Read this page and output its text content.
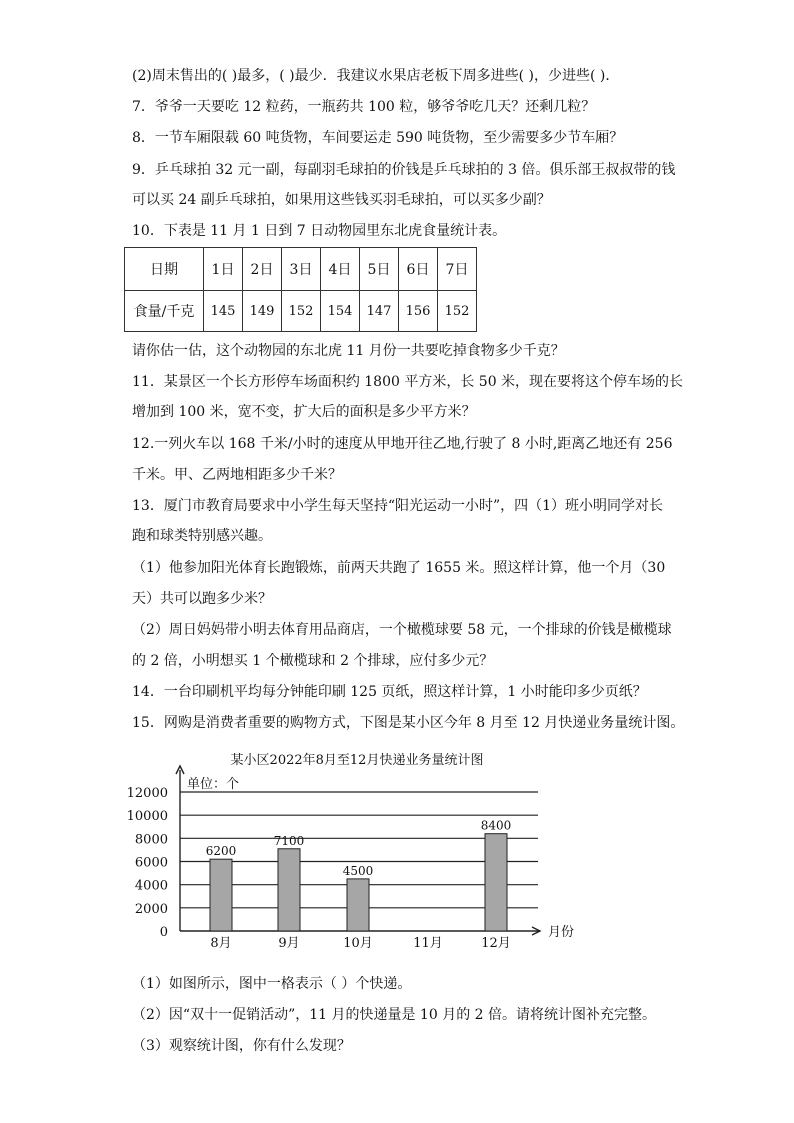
(2)周末售出的( )最多，( )最少．我建议水果店老板下周多进些( )，少进些( )．
7．爷爷一天要吃 12 粒药，一瓶药共 100 粒，够爷爷吃几天？还剩几粒？
8．一节车厢限载 60 吨货物，车间要运走 590 吨货物，至少需要多少节车厢？
9．乒乓球拍 32 元一副，每副羽毛球拍的价钱是乒乓球拍的 3 倍。俱乐部王叔叔带的钱
可以买 24 副乒乓球拍，如果用这些钱买羽毛球拍，可以买多少副？
10．下表是 11 月 1 日到 7 日动物园里东北虎食量统计表。
日期	1日	2日	3日	4日	5日	6日	7日
食量/千克	145	149	152	154	147	156	152
请你估一估，这个动物园的东北虎 11 月份一共要吃掉食物多少千克？
11．某景区一个长方形停车场面积约 1800 平方米，长 50 米，现在要将这个停车场的长
增加到 100 米，宽不变，扩大后的面积是多少平方米？
12.一列火车以 168 千米/小时的速度从甲地开往乙地,行驶了 8 小时,距离乙地还有 256
千米。甲、乙两地相距多少千米？
13．厦门市教育局要求中小学生每天坚持“阳光运动一小时”，四（1）班小明同学对长
跑和球类特别感兴趣。
（1）他参加阳光体育长跑锻炼，前两天共跑了 1655 米。照这样计算，他一个月（30
天）共可以跑多少米？
（2）周日妈妈带小明去体育用品商店，一个橄榄球要 58 元，一个排球的价钱是橄榄球
的 2 倍，小明想买 1 个橄榄球和 2 个排球，应付多少元？
14．一台印刷机平均每分钟能印刷 125 页纸，照这样计算，1 小时能印多少页纸？
15．网购是消费者重要的购物方式，下图是某小区今年 8 月至 12 月快递业务量统计图。
某小区2022年8月至12月快递业务量统计图
单位：个
月份
0
2000
4000
6000
8000
10000
12000
6200
8月
7100
9月
4500
10月	11月
8400
12月
（1）如图所示，图中一格表示（ ）个快递。
（2）因“双十一促销活动”，11 月的快递量是 10 月的 2 倍。请将统计图补充完整。
（3）观察统计图，你有什么发现？
